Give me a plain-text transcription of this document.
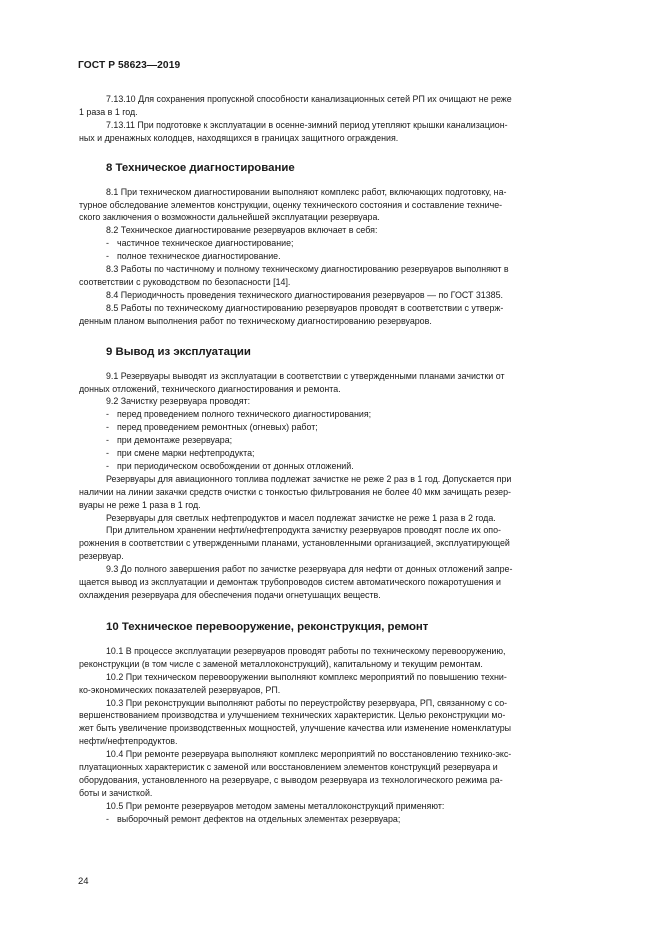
ГОСТ Р 58623—2019

7.13.10 Для сохранения пропускной способности канализационных сетей РП их очищают не реже

1 раза в 1 год.

7.13.11 При подготовке к эксплуатации в осенне-зимний период утепляют крышки канализацион-

ных и дренажных колодцев, находящихся в границах защитного ограждения.

8 Техническое диагностирование

8.1 При техническом диагностировании выполняют комплекс работ, включающих подготовку, на-

турное обследование элементов конструкции, оценку технического состояния и составление техниче-

ского заключения о возможности дальнейшей эксплуатации резервуара.

8.2 Техническое диагностирование резервуаров включает в себя:

- частичное техническое диагностирование;

- полное техническое диагностирование.

8.3 Работы по частичному и полному техническому диагностированию резервуаров выполняют в

соответствии с руководством по безопасности [14].

8.4 Периодичность проведения технического диагностирования резервуаров — по ГОСТ 31385.

8.5 Работы по техническому диагностированию резервуаров проводят в соответствии с утверж-

денным планом выполнения работ по техническому диагностированию резервуаров.

9 Вывод из эксплуатации

9.1 Резервуары выводят из эксплуатации в соответствии с утвержденными планами зачистки от

донных отложений, технического диагностирования и ремонта.

9.2 Зачистку резервуара проводят:

- перед проведением полного технического диагностирования;

- перед проведением ремонтных (огневых) работ;

- при демонтаже резервуара;

- при смене марки нефтепродукта;

- при периодическом освобождении от донных отложений.

Резервуары для авиационного топлива подлежат зачистке не реже 2 раз в 1 год. Допускается при

наличии на линии закачки средств очистки с тонкостью фильтрования не более 40 мкм зачищать резер-

вуары не реже 1 раза в 1 год.

Резервуары для светлых нефтепродуктов и масел подлежат зачистке не реже 1 раза в 2 года.

При длительном хранении нефти/нефтепродукта зачистку резервуаров проводят после их опо-

рожнения в соответствии с утвержденными планами, установленными организацией, эксплуатирующей

резервуар.

9.3 До полного завершения работ по зачистке резервуара для нефти от донных отложений запре-

щается вывод из эксплуатации и демонтаж трубопроводов систем автоматического пожаротушения и

охлаждения резервуара для обеспечения подачи огнетушащих веществ.

10 Техническое перевооружение, реконструкция, ремонт

10.1 В процессе эксплуатации резервуаров проводят работы по техническому перевооружению,

реконструкции (в том числе с заменой металлоконструкций), капитальному и текущим ремонтам.

10.2 При техническом перевооружении выполняют комплекс мероприятий по повышению техни-

ко-экономических показателей резервуаров, РП.

10.3 При реконструкции выполняют работы по переустройству резервуара, РП, связанному с со-

вершенствованием производства и улучшением технических характеристик. Целью реконструкции мо-

жет быть увеличение производственных мощностей, улучшение качества или изменение номенклатуры

нефти/нефтепродуктов.

10.4 При ремонте резервуара выполняют комплекс мероприятий по восстановлению технико-экс-

плуатационных характеристик с заменой или восстановлением элементов конструкций резервуара и

оборудования, установленного на резервуаре, с выводом резервуара из технологического режима ра-

боты и зачисткой.

10.5 При ремонте резервуаров методом замены металлоконструкций применяют:

- выборочный ремонт дефектов на отдельных элементах резервуара;

24
